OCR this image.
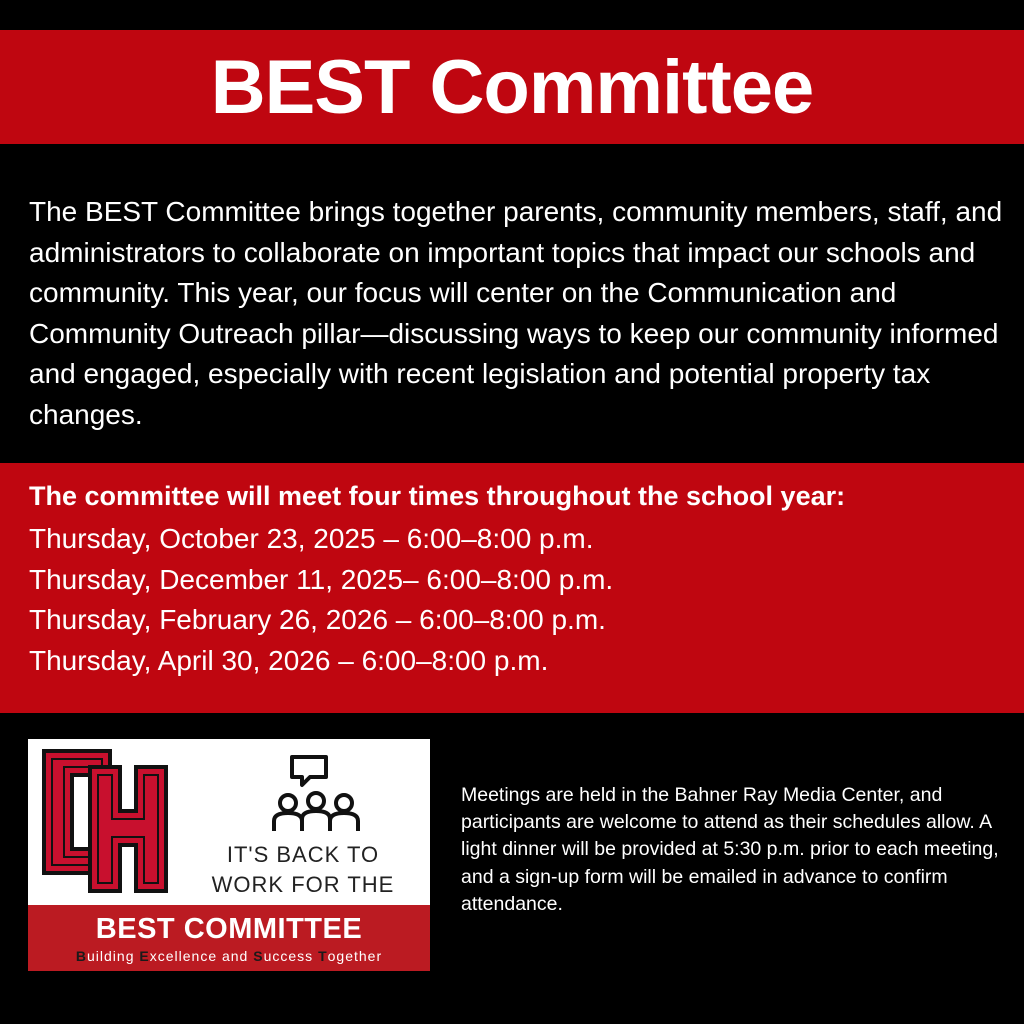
BEST Committee

The BEST Committee brings together parents, community members, staff, and administrators to collaborate on important topics that impact our schools and community. This year, our focus will center on the Communication and Community Outreach pillar—discussing ways to keep our community informed and engaged, especially with recent legislation and potential property tax changes.

The committee will meet four times throughout the school year:
Thursday, October 23, 2025 – 6:00–8:00 p.m.
Thursday, December 11, 2025– 6:00–8:00 p.m.
Thursday, February 26, 2026 – 6:00–8:00 p.m.
Thursday, April 30, 2026 – 6:00–8:00 p.m.
CH
IT'S BACK TO
WORK FOR THE
BEST COMMITTEE
Building Excellence and Success Together

Meetings are held in the Bahner Ray Media Center, and participants are welcome to attend as their schedules allow. A light dinner will be provided at 5:30 p.m. prior to each meeting, and a sign-up form will be emailed in advance to confirm attendance.
